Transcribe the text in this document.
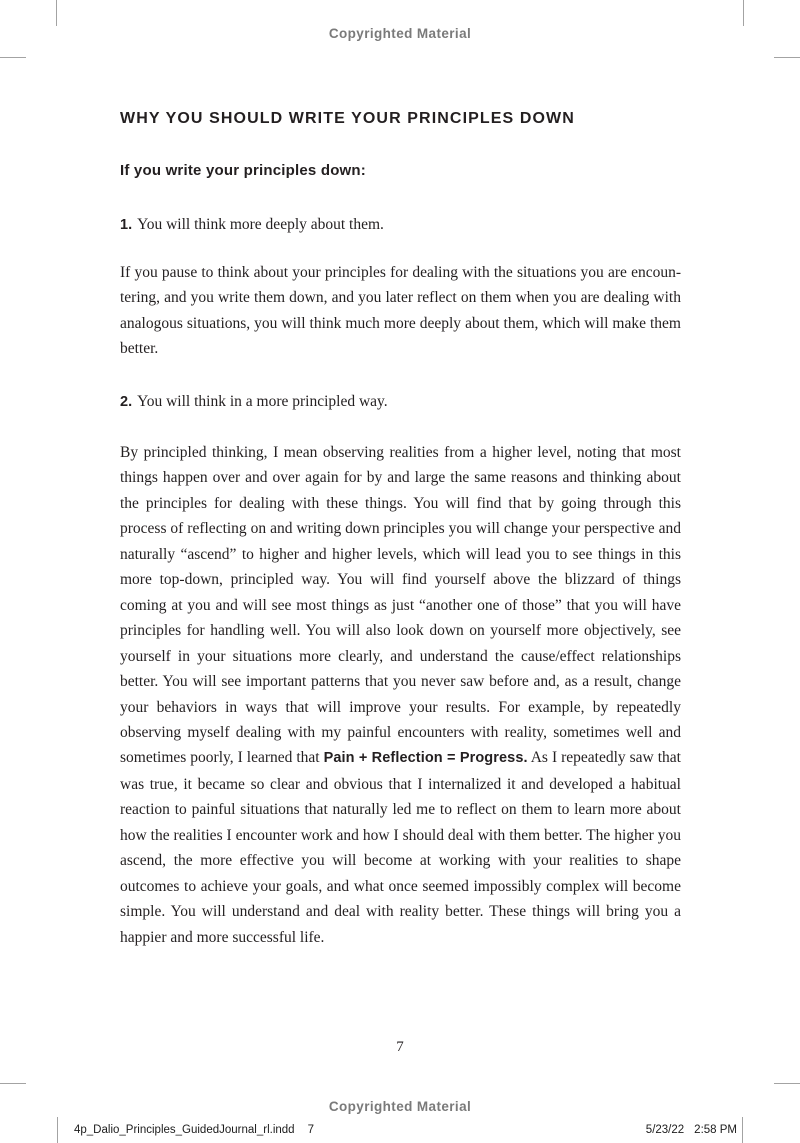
Copyrighted Material
WHY YOU SHOULD WRITE YOUR PRINCIPLES DOWN

If you write your principles down:

1. You will think more deeply about them.

If you pause to think about your principles for dealing with the situations you are encountering, and you write them down, and you later reflect on them when you are dealing with analogous situations, you will think much more deeply about them, which will make them better.

2. You will think in a more principled way.

By principled thinking, I mean observing realities from a higher level, noting that most things happen over and over again for by and large the same reasons and thinking about the principles for dealing with these things. You will find that by going through this process of reflecting on and writing down principles you will change your perspective and naturally “ascend” to higher and higher levels, which will lead you to see things in this more top-down, principled way. You will find yourself above the blizzard of things coming at you and will see most things as just “another one of those” that you will have principles for handling well. You will also look down on yourself more objectively, see yourself in your situations more clearly, and understand the cause/effect relationships better. You will see important patterns that you never saw before and, as a result, change your behaviors in ways that will improve your results. For example, by repeatedly observing myself dealing with my painful encounters with reality, sometimes well and sometimes poorly, I learned that Pain + Reflection = Progress. As I repeatedly saw that was true, it became so clear and obvious that I internalized it and developed a habitual reaction to painful situations that naturally led me to reflect on them to learn more about how the realities I encounter work and how I should deal with them better. The higher you ascend, the more effective you will become at working with your realities to shape outcomes to achieve your goals, and what once seemed impossibly complex will become simple. You will understand and deal with reality better. These things will bring you a happier and more successful life.

7
Copyrighted Material
4p_Dalio_Principles_GuidedJournal_rl.indd 7	5/23/22 2:58 PM
